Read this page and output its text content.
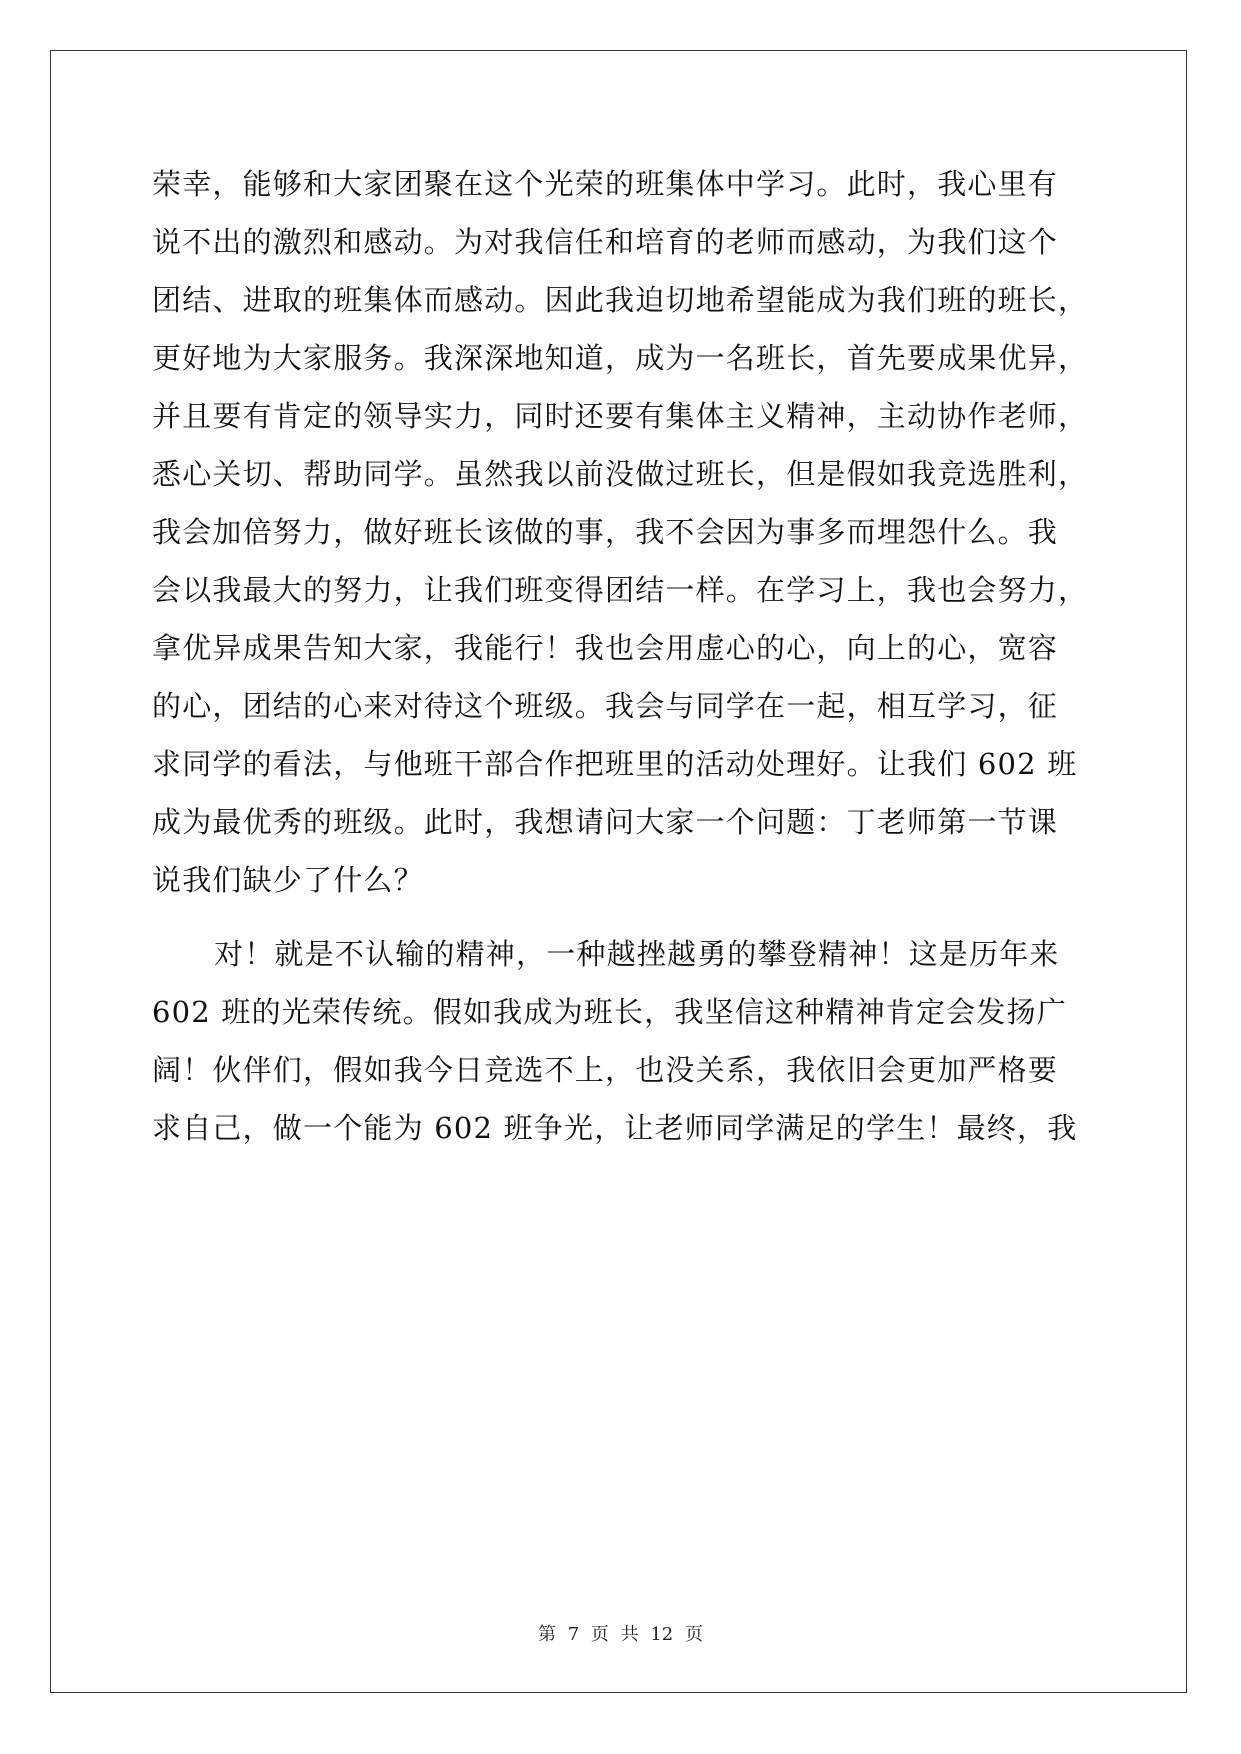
荣幸，能够和大家团聚在这个光荣的班集体中学习。此时，我心里有
说不出的激烈和感动。为对我信任和培育的老师而感动，为我们这个
团结、进取的班集体而感动。因此我迫切地希望能成为我们班的班长，
更好地为大家服务。我深深地知道，成为一名班长，首先要成果优异，
并且要有肯定的领导实力，同时还要有集体主义精神，主动协作老师，
悉心关切、帮助同学。虽然我以前没做过班长，但是假如我竞选胜利，
我会加倍努力，做好班长该做的事，我不会因为事多而埋怨什么。我
会以我最大的努力，让我们班变得团结一样。在学习上，我也会努力，
拿优异成果告知大家，我能行！我也会用虚心的心，向上的心，宽容
的心，团结的心来对待这个班级。我会与同学在一起，相互学习，征
求同学的看法，与他班干部合作把班里的活动处理好。让我们 602 班
成为最优秀的班级。此时，我想请问大家一个问题：丁老师第一节课
说我们缺少了什么？
对！就是不认输的精神，一种越挫越勇的攀登精神！这是历年来
602 班的光荣传统。假如我成为班长，我坚信这种精神肯定会发扬广
阔！伙伴们，假如我今日竞选不上，也没关系，我依旧会更加严格要
求自己，做一个能为 602 班争光，让老师同学满足的学生！最终，我
第 7 页 共 12 页
